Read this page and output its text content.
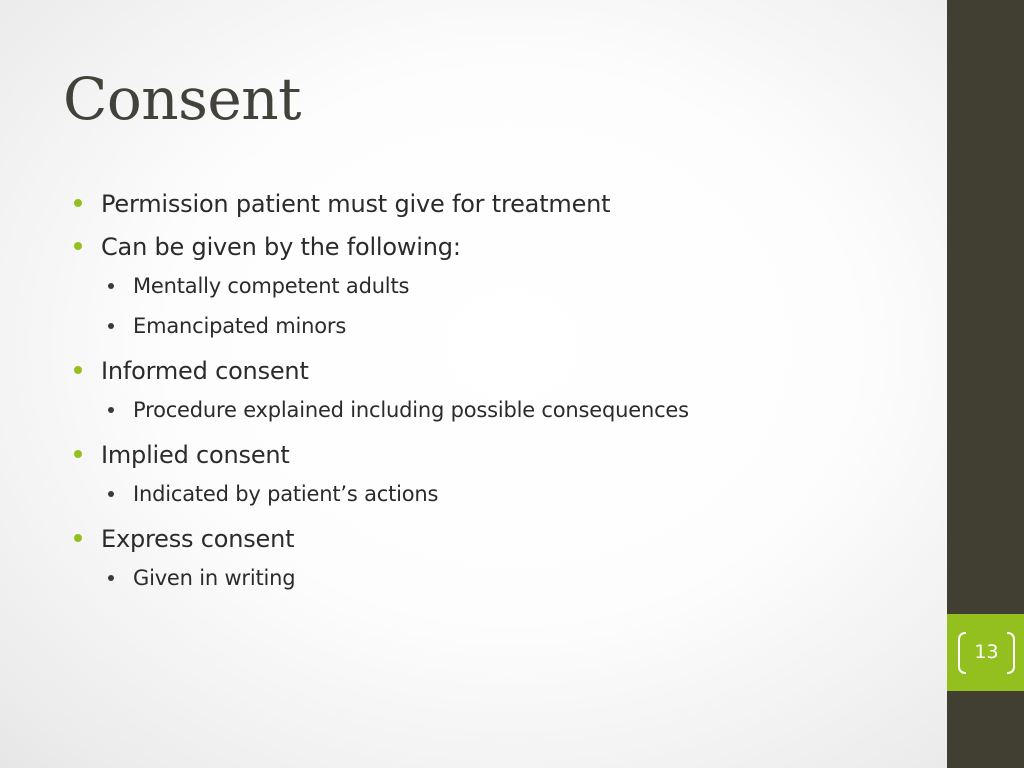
Consent

Permission patient must give for treatment

Can be given by the following:

Mentally competent adults

Emancipated minors

Informed consent

Procedure explained including possible consequences

Implied consent

Indicated by patient’s actions

Express consent

Given in writing

13
